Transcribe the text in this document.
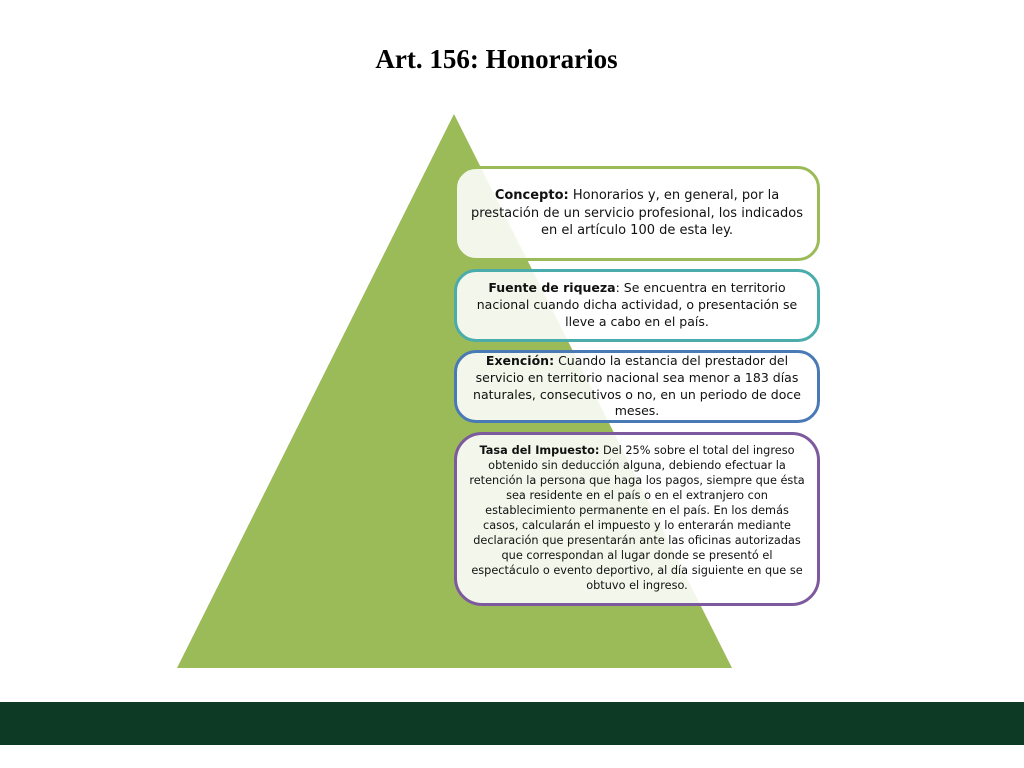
Art. 156: Honorarios

Concepto: Honorarios y, en general, por la prestación de un servicio profesional, los indicados en el artículo 100 de esta ley.

Fuente de riqueza: Se encuentra en territorio nacional cuando dicha actividad, o presentación se lleve a cabo en el país.

Exención: Cuando la estancia del prestador del servicio en territorio nacional sea menor a 183 días naturales, consecutivos o no, en un periodo de doce meses.

Tasa del Impuesto: Del 25% sobre el total del ingreso obtenido sin deducción alguna, debiendo efectuar la retención la persona que haga los pagos, siempre que ésta sea residente en el país o en el extranjero con establecimiento permanente en el país. En los demás casos, calcularán el impuesto y lo enterarán mediante declaración que presentarán ante las oficinas autorizadas que correspondan al lugar donde se presentó el espectáculo o evento deportivo, al día siguiente en que se obtuvo el ingreso.
